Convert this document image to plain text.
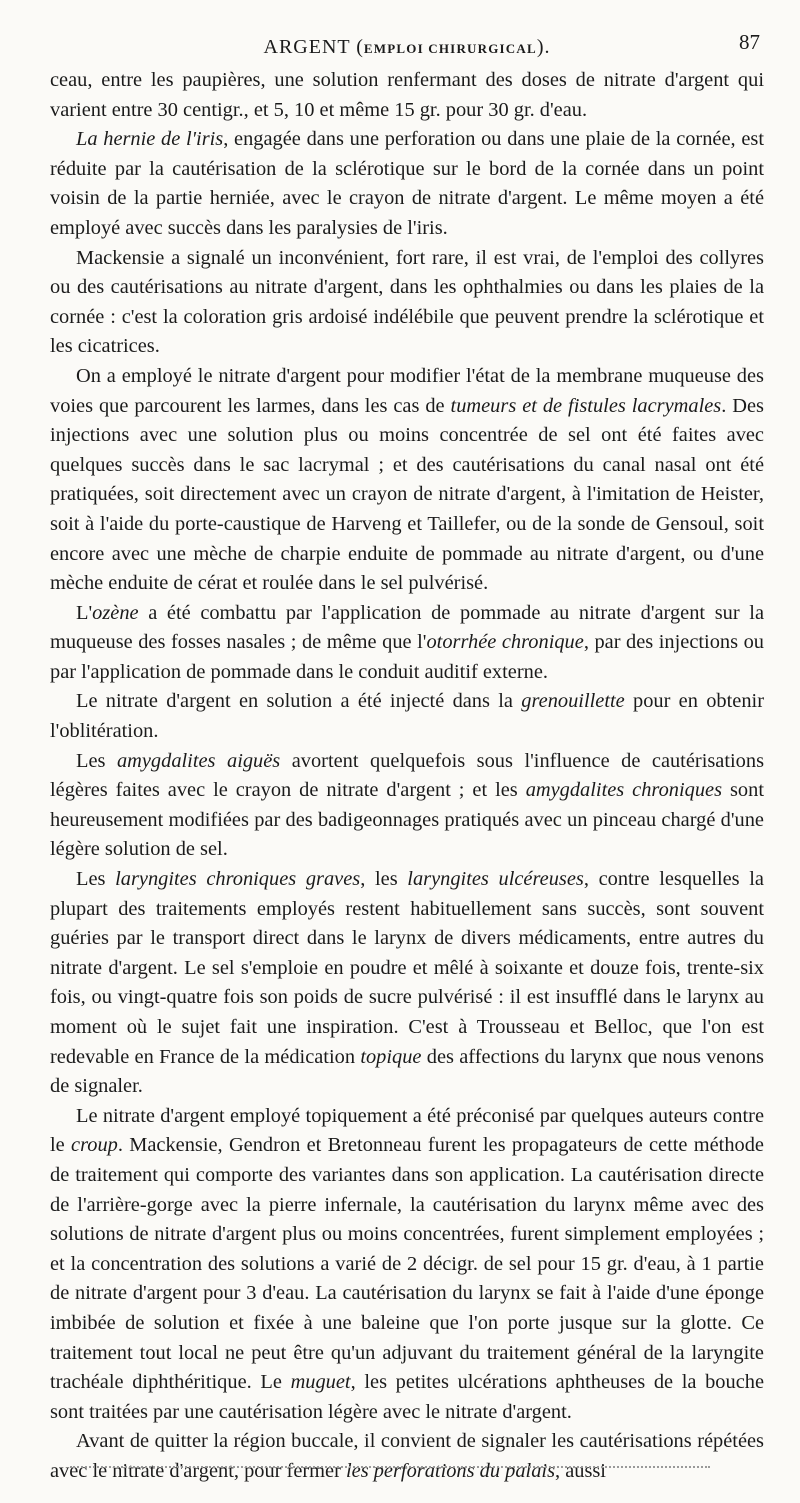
ARGENT (EMPLOI CHIRURGICAL).	87

ceau, entre les paupières, une solution renfermant des doses de nitrate d'argent qui varient entre 30 centigr., et 5, 10 et même 15 gr. pour 30 gr. d'eau.

La hernie de l'iris, engagée dans une perforation ou dans une plaie de la cornée, est réduite par la cautérisation de la sclérotique sur le bord de la cornée dans un point voisin de la partie herniée, avec le crayon de nitrate d'argent. Le même moyen a été employé avec succès dans les paralysies de l'iris.

Mackensie a signalé un inconvénient, fort rare, il est vrai, de l'emploi des collyres ou des cautérisations au nitrate d'argent, dans les ophthalmies ou dans les plaies de la cornée : c'est la coloration gris ardoisé indélébile que peuvent prendre la sclérotique et les cicatrices.

On a employé le nitrate d'argent pour modifier l'état de la membrane muqueuse des voies que parcourent les larmes, dans les cas de tumeurs et de fistules lacrymales. Des injections avec une solution plus ou moins concentrée de sel ont été faites avec quelques succès dans le sac lacrymal ; et des cautérisations du canal nasal ont été pratiquées, soit directement avec un crayon de nitrate d'argent, à l'imitation de Heister, soit à l'aide du porte-caustique de Harveng et Taillefer, ou de la sonde de Gensoul, soit encore avec une mèche de charpie enduite de pommade au nitrate d'argent, ou d'une mèche enduite de cérat et roulée dans le sel pulvérisé.

L'ozène a été combattu par l'application de pommade au nitrate d'argent sur la muqueuse des fosses nasales ; de même que l'otorrhée chronique, par des injections ou par l'application de pommade dans le conduit auditif externe.

Le nitrate d'argent en solution a été injecté dans la grenouillette pour en obtenir l'oblitération.

Les amygdalites aiguës avortent quelquefois sous l'influence de cautérisations légères faites avec le crayon de nitrate d'argent ; et les amygdalites chroniques sont heureusement modifiées par des badigeonnages pratiqués avec un pinceau chargé d'une légère solution de sel.

Les laryngites chroniques graves, les laryngites ulcéreuses, contre lesquelles la plupart des traitements employés restent habituellement sans succès, sont souvent guéries par le transport direct dans le larynx de divers médicaments, entre autres du nitrate d'argent. Le sel s'emploie en poudre et mêlé à soixante et douze fois, trente-six fois, ou vingt-quatre fois son poids de sucre pulvérisé : il est insufflé dans le larynx au moment où le sujet fait une inspiration. C'est à Trousseau et Belloc, que l'on est redevable en France de la médication topique des affections du larynx que nous venons de signaler.

Le nitrate d'argent employé topiquement a été préconisé par quelques auteurs contre le croup. Mackensie, Gendron et Bretonneau furent les propagateurs de cette méthode de traitement qui comporte des variantes dans son application. La cautérisation directe de l'arrière-gorge avec la pierre infernale, la cautérisation du larynx même avec des solutions de nitrate d'argent plus ou moins concentrées, furent simplement employées ; et la concentration des solutions a varié de 2 décigr. de sel pour 15 gr. d'eau, à 1 partie de nitrate d'argent pour 3 d'eau. La cautérisation du larynx se fait à l'aide d'une éponge imbibée de solution et fixée à une baleine que l'on porte jusque sur la glotte. Ce traitement tout local ne peut être qu'un adjuvant du traitement général de la laryngite trachéale diphthéritique. Le muguet, les petites ulcérations aphtheuses de la bouche sont traitées par une cautérisation légère avec le nitrate d'argent.

Avant de quitter la région buccale, il convient de signaler les cautérisations répétées avec le nitrate d'argent, pour fermer les perforations du palais, aussi
